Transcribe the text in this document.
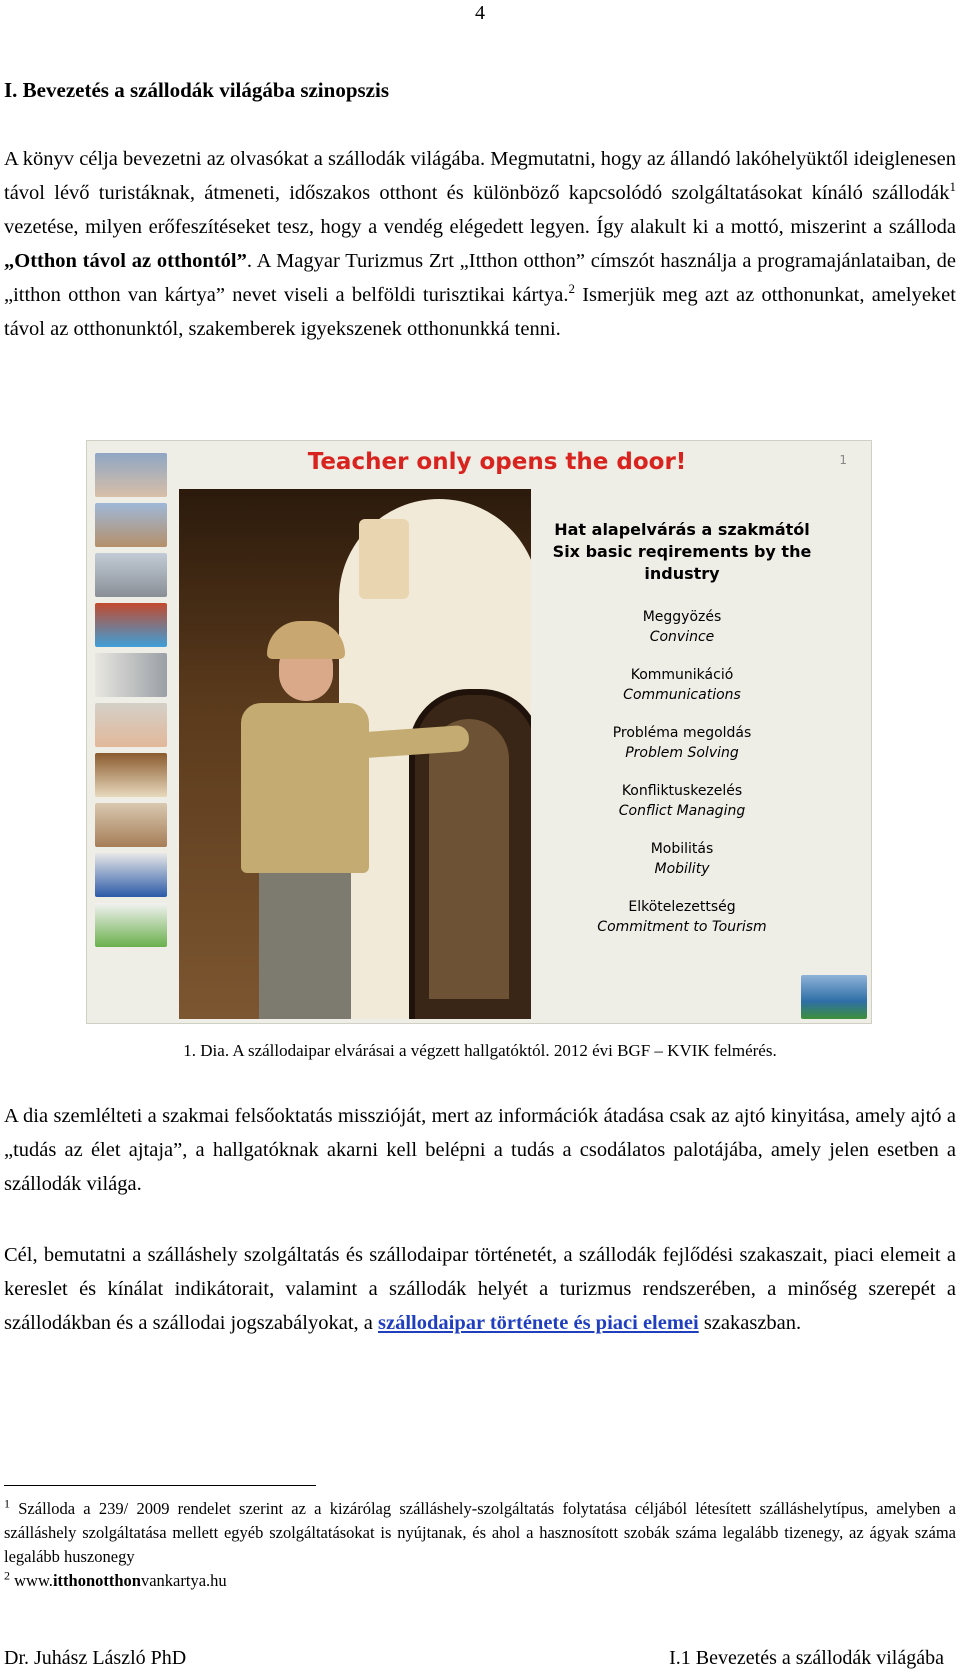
4
I. Bevezetés a szállodák világába szinopszis

A könyv célja bevezetni az olvasókat a szállodák világába. Megmutatni, hogy az állandó lakóhelyüktől ideiglenesen távol lévő turistáknak, átmeneti, időszakos otthont és különböző kapcsolódó szolgáltatásokat kínáló szállodák$^1$ vezetése, milyen erőfeszítéseket tesz, hogy a vendég elégedett legyen. Így alakult ki a mottó, miszerint a szálloda „Otthon távol az otthontól”. A Magyar Turizmus Zrt „Itthon otthon” címszót használja a programajánlataiban, de „itthon otthon van kártya” nevet viseli a belföldi turisztikai kártya.$^2$ Ismerjük meg azt az otthonunkat, amelyeket távol az otthonunktól, szakemberek igyekszenek otthonunkká tenni.

Teacher only opens the door!	1
Hat alapelvárás a szakmától
Six basic reqirements by the industry
Meggyözés
Convince
Kommunikáció
Communications
Probléma megoldás
Problem Solving
Konfliktuskezelés
Conflict Managing
Mobilitás
Mobility
Elkötelezettség
Commitment to Tourism
1. Dia. A szállodaipar elvárásai a végzett hallgatóktól. 2012 évi BGF – KVIK felmérés.

A dia szemlélteti a szakmai felsőoktatás misszióját, mert az információk átadása csak az ajtó kinyitása, amely ajtó a „tudás az élet ajtaja”, a hallgatóknak akarni kell belépni a tudás a csodálatos palotájába, amely jelen esetben a szállodák világa.

Cél, bemutatni a szálláshely szolgáltatás és szállodaipar történetét, a szállodák fejlődési szakaszait, piaci elemeit a kereslet és kínálat indikátorait, valamint a szállodák helyét a turizmus rendszerében, a minőség szerepét a szállodákban és a szállodai jogszabályokat, a szállodaipar története és piaci elemei szakaszban.

$^1$ Szálloda a 239/ 2009 rendelet szerint az a kizárólag szálláshely-szolgáltatás folytatása céljából létesített szálláshelytípus, amelyben a szálláshely szolgáltatása mellett egyéb szolgáltatásokat is nyújtanak, és ahol a hasznosított szobák száma legalább tizenegy, az ágyak száma legalább huszonegy

$^2$ www.itthonotthonvankartya.hu

Dr. Juhász László PhD	I.1 Bevezetés a szállodák világába
